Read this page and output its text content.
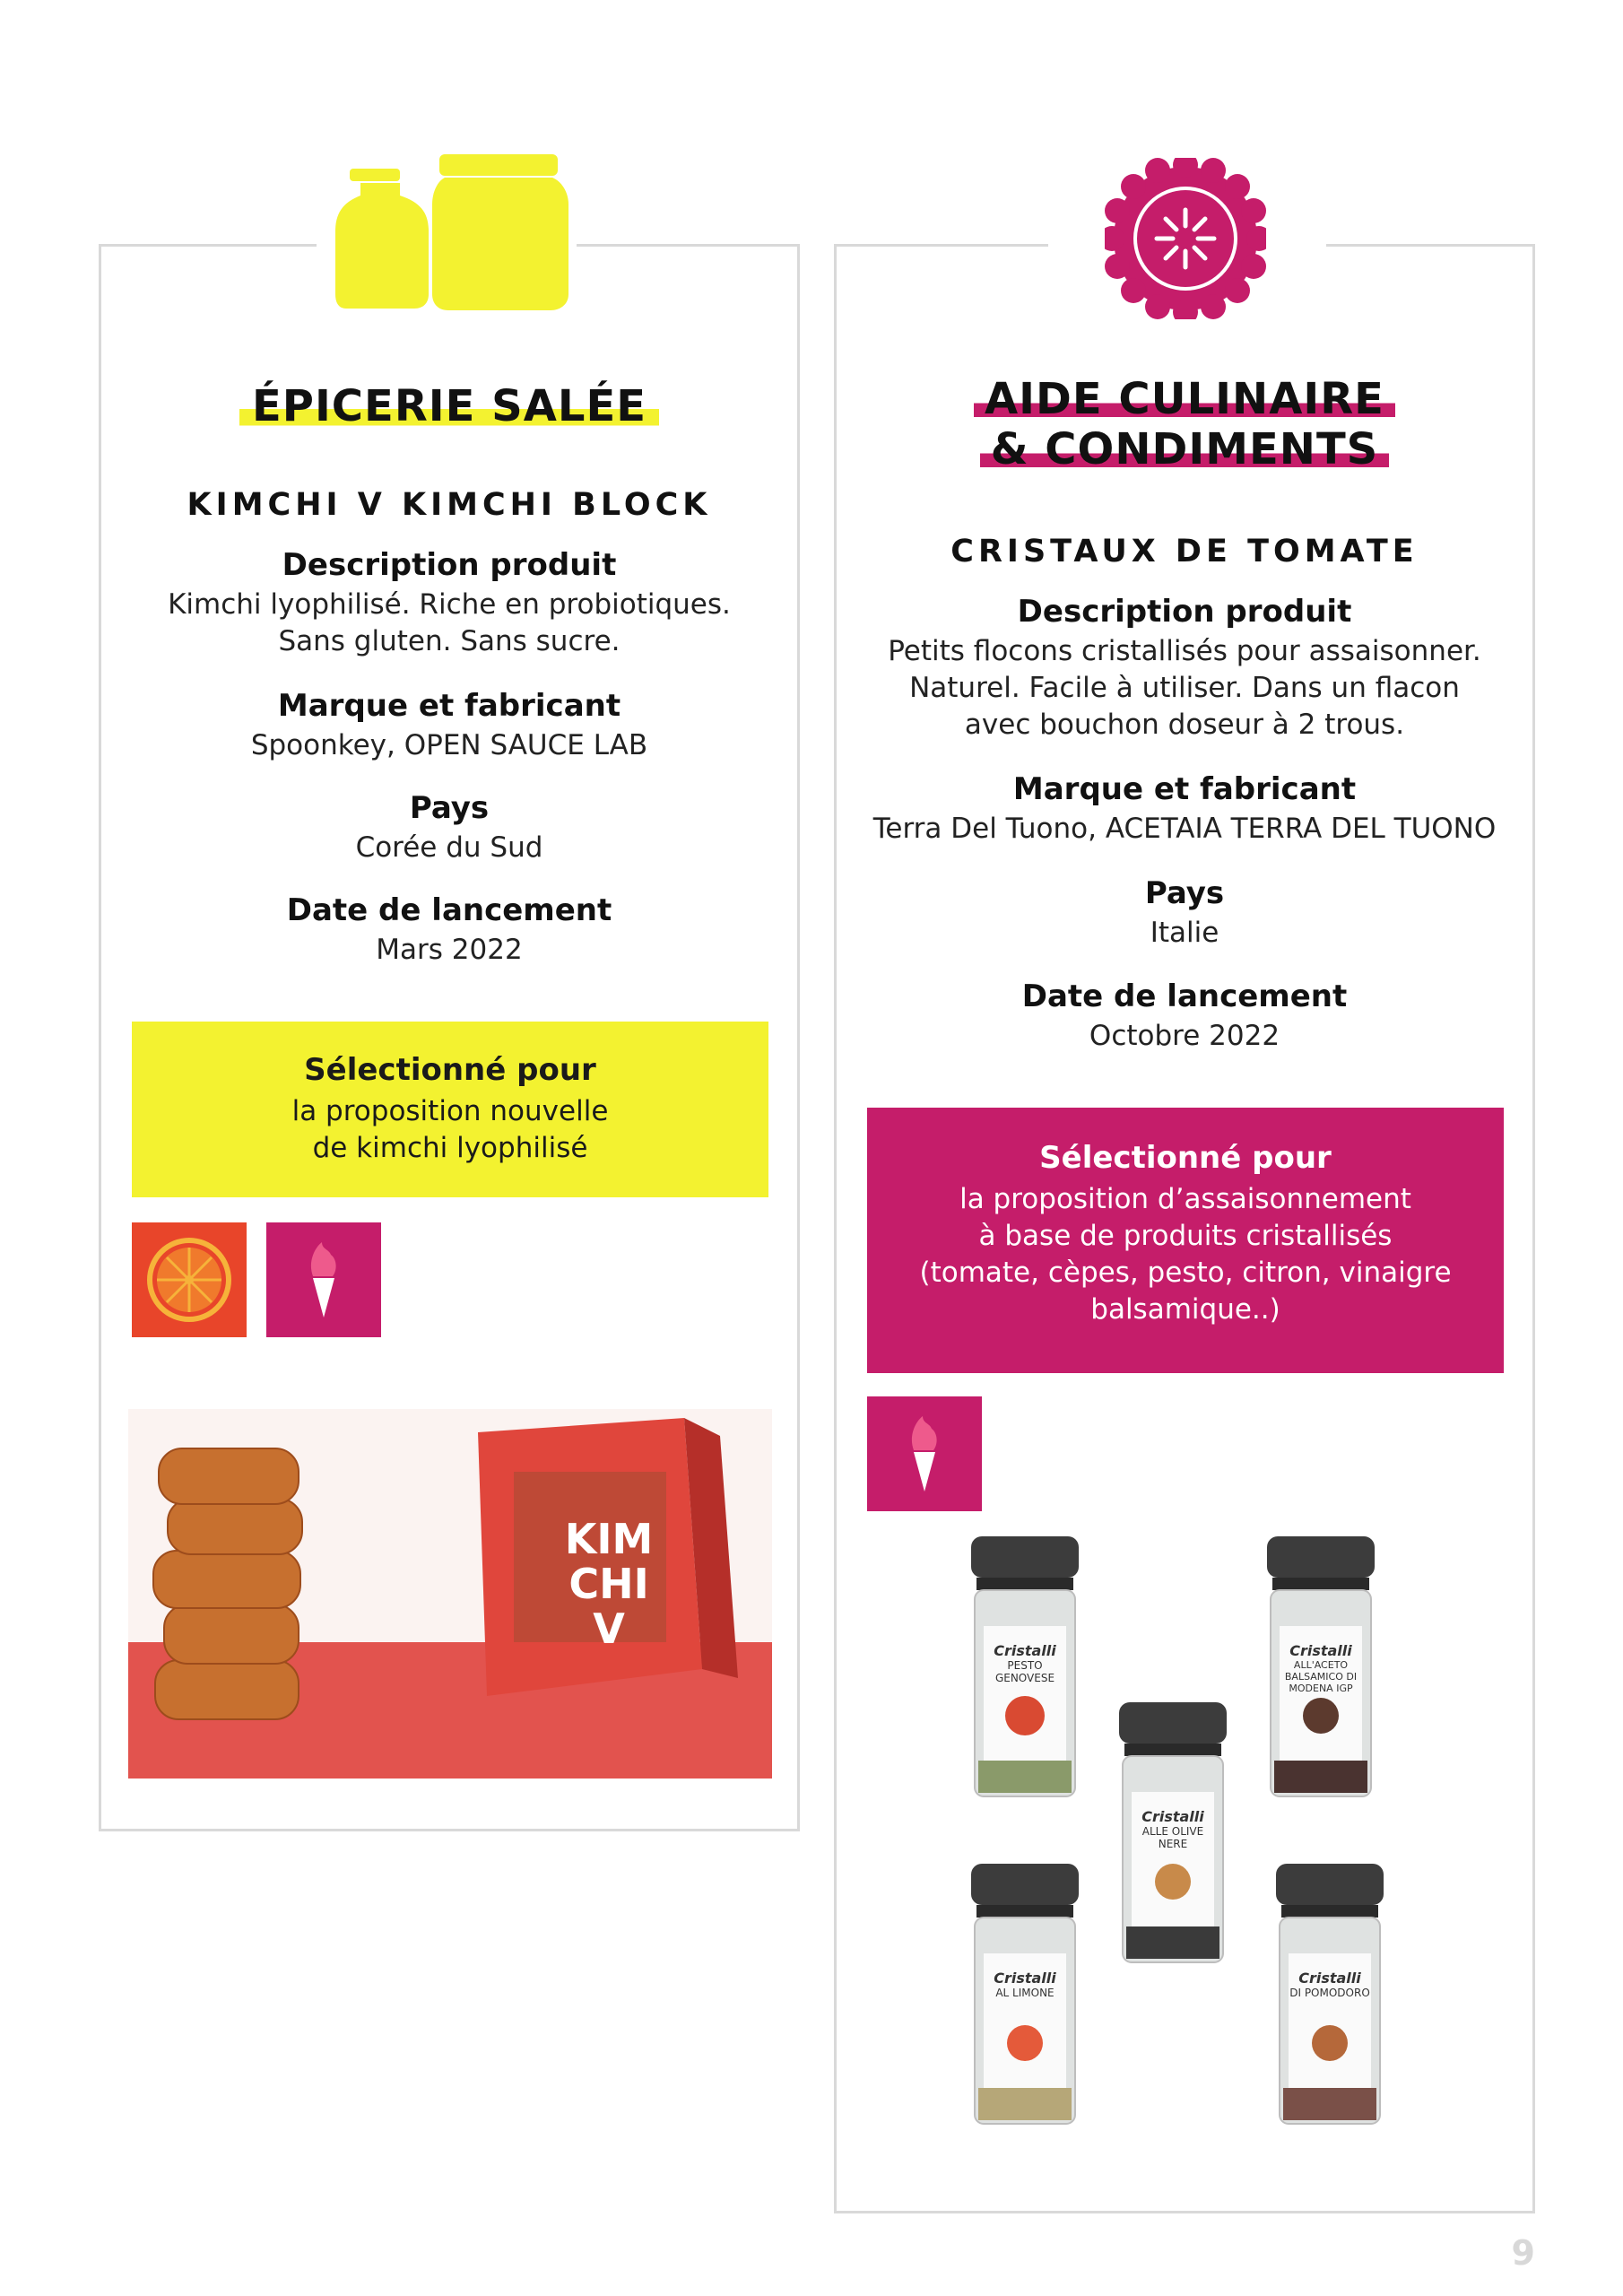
ÉPICERIE SALÉE
KIMCHI V KIMCHI BLOCK
Description produit
Kimchi lyophilisé. Riche en probiotiques.
Sans gluten. Sans sucre.
Marque et fabricant
Spoonkey, OPEN SAUCE LAB
Pays
Corée du Sud
Date de lancement
Mars 2022
Sélectionné pour
la proposition nouvelle
de kimchi lyophilisé
KIM
CHI
V
AIDE CULINAIRE
& CONDIMENTS
CRISTAUX DE TOMATE
Description produit
Petits flocons cristallisés pour assaisonner.
Naturel. Facile à utiliser. Dans un flacon
avec bouchon doseur à 2 trous.
Marque et fabricant
Terra Del Tuono, ACETAIA TERRA DEL TUONO
Pays
Italie
Date de lancement
Octobre 2022
Sélectionné pour
la proposition d’assaisonnement
à base de produits cristallisés
(tomate, cèpes, pesto, citron, vinaigre
balsamique..)
Cristalli
PESTO GENOVESE
Cristalli
ALL'ACETO BALSAMICO DI MODENA IGP
Cristalli
ALLE OLIVE NERE
Cristalli
AL LIMONE
Cristalli
DI POMODORO
9
